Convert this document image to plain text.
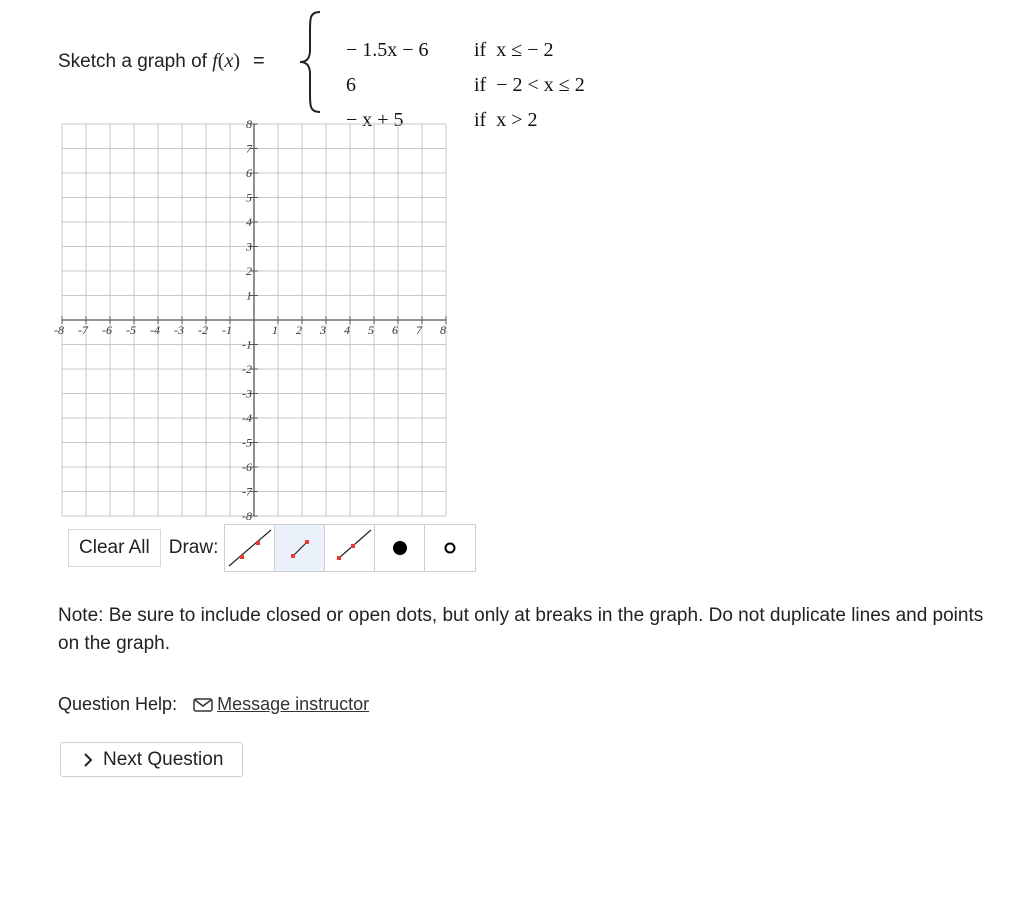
Sketch a graph of f(x) =	− 1.5x − 6 if  x ≤ − 2

6	if  − 2 < x ≤ 2

− x + 5	if  x > 2

-8 -7 -6 -5 -4 -3 -2 -1	1 2 3 4 5 6 7 8
8
7
6
5
4
3
2
1
-1
-2
-3
-4
-5
-6
-7
-8
Clear All	Draw:
Note: Be sure to include closed or open dots, but only at breaks in the graph. Do not duplicate lines and points on the graph.
Question Help: Message instructor
Next Question
